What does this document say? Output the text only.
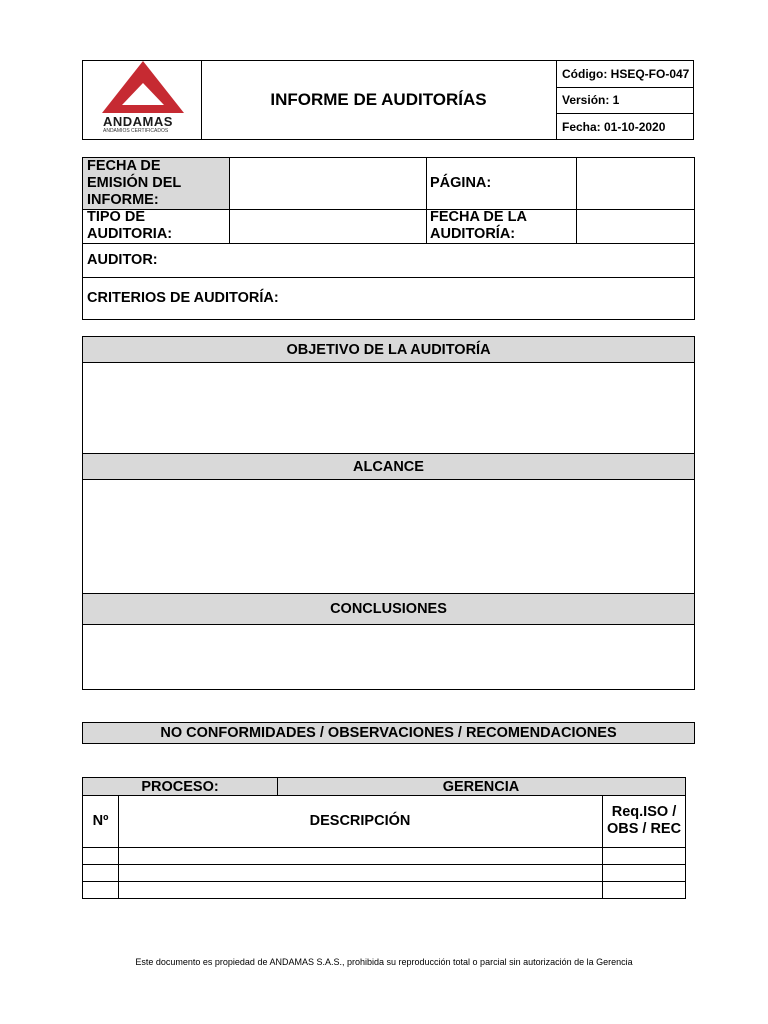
ANDAMAS
ANDAMIOS CERTIFICADOS
INFORME DE AUDITORÍAS
Código: HSEQ-FO-047
Versión: 1
Fecha: 01-10-2020
FECHA DE EMISIÓN DEL INFORME:
PÁGINA:
TIPO DE AUDITORIA:
FECHA DE LA AUDITORÍA:
AUDITOR:
CRITERIOS DE AUDITORÍA:
OBJETIVO DE LA AUDITORÍA
ALCANCE
CONCLUSIONES
NO CONFORMIDADES / OBSERVACIONES / RECOMENDACIONES
PROCESO:	GERENCIA
Nº	DESCRIPCIÓN
Req.ISO / OBS / REC
Este documento es propiedad de ANDAMAS S.A.S., prohibida su reproducción total o parcial sin autorización de la Gerencia
